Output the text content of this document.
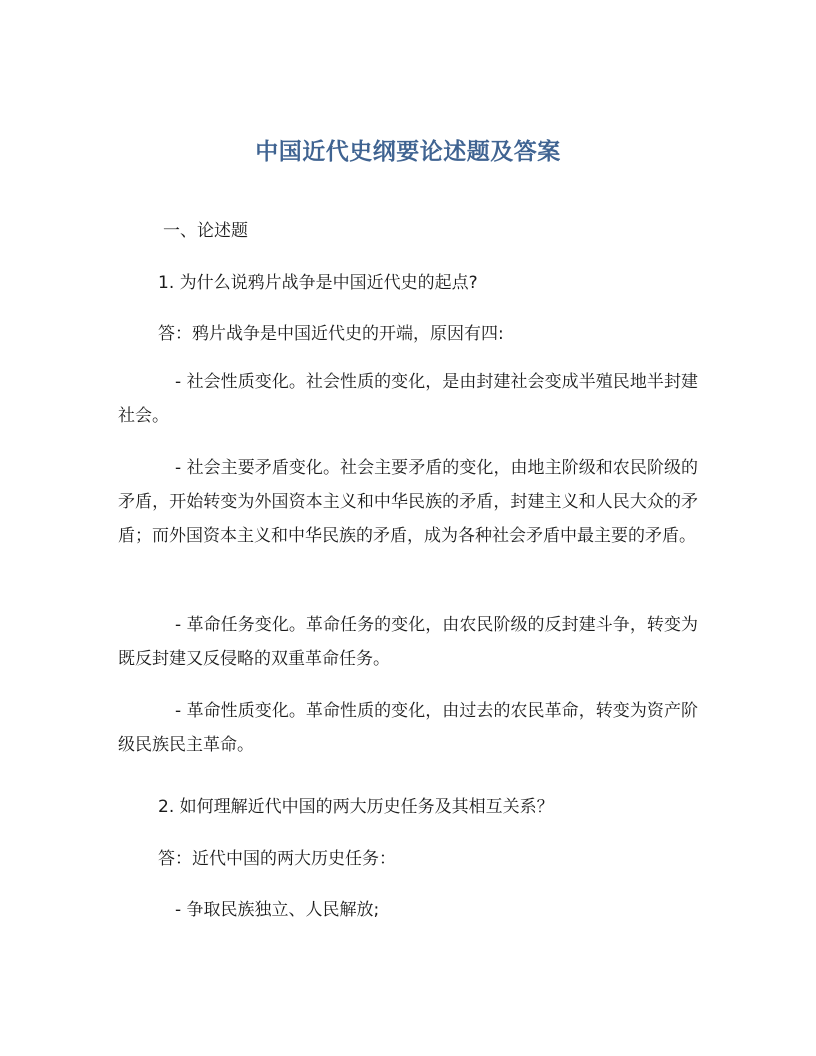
中国近代史纲要论述题及答案
一、论述题
1. 为什么说鸦片战争是中国近代史的起点?
答：鸦片战争是中国近代史的开端，原因有四:
- 社会性质变化。社会性质的变化，是由封建社会变成半殖民地半封建社会。
- 社会主要矛盾变化。社会主要矛盾的变化，由地主阶级和农民阶级的矛盾，开始转变为外国资本主义和中华民族的矛盾，封建主义和人民大众的矛盾；而外国资本主义和中华民族的矛盾，成为各种社会矛盾中最主要的矛盾。
- 革命任务变化。革命任务的变化，由农民阶级的反封建斗争，转变为既反封建又反侵略的双重革命任务。
- 革命性质变化。革命性质的变化，由过去的农民革命，转变为资产阶级民族民主革命。
2. 如何理解近代中国的两大历史任务及其相互关系？
答：近代中国的两大历史任务：
- 争取民族独立、人民解放;
